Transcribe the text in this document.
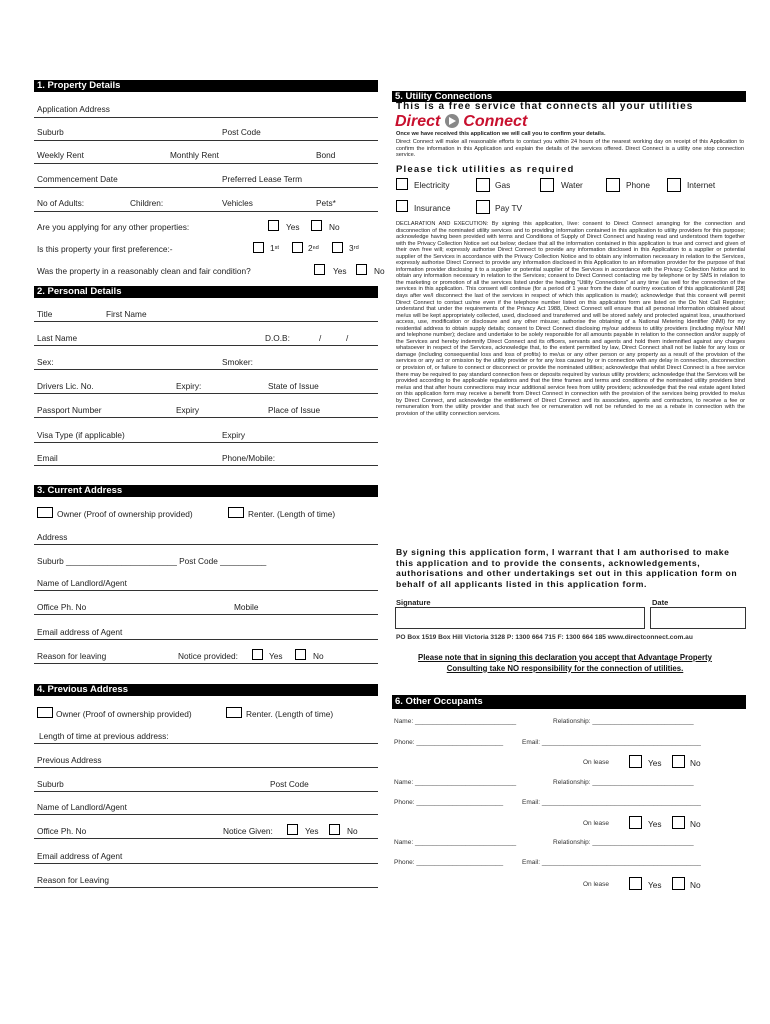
1. Property Details
Application Address
Suburb	Post Code
Weekly Rent	Monthly Rent	Bond
Commencement Date	Preferred Lease Term
No of Adults:	Children:	Vehicles	Pets*
Are you applying for any other properties:	Yes	No
Is this property your first preference:-	1ˢᵗ	2ⁿᵈ	3ʳᵈ
Was the property in a reasonably clean and fair condition?	Yes	No
2. Personal Details
Title	First Name
Last Name	D.O.B:	/	/
Sex:	Smoker:
Drivers Lic. No.	Expiry:	State of Issue
Passport Number	Expiry	Place of Issue
Visa Type (if applicable)	Expiry
Email	Phone/Mobile:
3. Current Address
Owner (Proof of ownership provided)	Renter. (Length of time)
Address
Suburb ________________________ Post Code __________
Name of Landlord/Agent
Office Ph. No	Mobile
Email address of Agent
Reason for leaving	Notice provided:	Yes	No
4. Previous Address
Owner (Proof of ownership provided)	Renter. (Length of time)
Length of time at previous address:
Previous Address
Suburb	Post Code
Name of Landlord/Agent
Office Ph. No	Notice Given:	Yes	No
Email address of Agent
Reason for Leaving
5. Utility Connections
This is a free service that connects all your utilities
Direct Connect
Once we have received this application we will call you to confirm your details.
Direct Connect will make all reasonable efforts to contact you within 24 hours of the nearest working day on receipt of this Application to confirm the information in this Application and explain the details of the services offered. Direct Connect is a utility one stop connection service.
Please tick utilities as required
Electricity	Gas	Water	Phone	Internet
Insurance	Pay TV
DECLARATION AND EXECUTION: By signing this application, I/we: consent to Direct Connect arranging for the connection and disconnection of the nominated utility services and to providing information contained in this application to utility providers for this purpose; acknowledge having been provided with terms and Conditions of Supply of Direct Connect and having read and understood them together with the Privacy Collection Notice set out below; declare that all the information contained in this application is true and correct and given of their own free will; expressly authorise Direct Connect to provide any information disclosed in this Application to a supplier or potential supplier of the Services in accordance with the Privacy Collection Notice and to obtain any information necessary in relation to the Services, expressly authorise Direct Connect to provide any information disclosed in this Application to an information provider for the purpose of that information provider disclosing it to a supplier or potential supplier of the Services in accordance with the Privacy Collection Notice and to obtain any information necessary in relation to the Services; consent to Direct Connect contacting me by telephone or by SMS in relation to the marketing or promotion of all the services listed under the heading "Utility Connections" at any time (as well for the connection of the services in this application. This consent will continue (for a period of 1 year from the date of our/my execution of this application/until [28] days after we/I disconnect the last of the services in respect of which this application is made); acknowledge that this consent will permit Direct Connect to contact us/me even if the telephone number listed on this application form are listed on the Do Not Call Register; understand that under the requirements of the Privacy Act 1988, Direct Connect will ensure that all personal information obtained about me/us will be kept appropriately collected, used, disclosed and transferred and will be stored safely and protected against loss, unauthorised access, use, modification or disclosure and any other misuse; authorise the obtaining of a National Metering Identifier (NMI) for my residential address to obtain supply details; consent to Direct Connect disclosing my/our address to utility providers (including my/our NMI and telephone number); declare and undertake to be solely responsible for all amounts payable in relation to the connection and/or supply of the Services and hereby indemnify Direct Connect and its officers, servants and agents and hold them indemnified against any charges whatsoever in respect of the Services, acknowledge that, to the extent permitted by law, Direct Connect shall not be liable for any loss or damage (including consequential loss and loss of profits) to me/us or any other person or any property as a result of the provision of the services or any act or omission by the utility provider or for any loss caused by or in connection with any delay in connection, disconnection or provision of, or failure to connect or disconnect or provide the nominated utilities; acknowledge that whilst Direct Connect is a free service there may be required to pay standard connection fees or deposits required by various utility providers; acknowledge that the Services will be provided according to the applicable regulations and that the time frames and terms and conditions of the nominated utility providers bind me/us and that after hours connections may incur additional service fees from utility providers; acknowledge that the real estate agent listed on this application form may receive a benefit from Direct Connect in connection with the provision of the services being provided to me/us by Direct Connect, and acknowledge the entitlement of Direct Connect and its associates, agents and contractors, to receive a fee or remuneration from the utility provider and that such fee or remuneration will not be refunded to me as a rebate in connection with the provision of the utility connection services.
By signing this application form, I warrant that I am authorised to make this application and to provide the consents, acknowledgements, authorisations and other undertakings set out in this application form on behalf of all applicants listed in this application form.
Signature	Date
PO Box 1519 Box Hill Victoria 3128 P: 1300 664 715 F: 1300 664 185 www.directconnect.com.au
Please note that in signing this declaration you accept that Advantage Property Consulting take NO responsibility for the connection of utilities.
6. Other Occupants
Name: ____________________________	Relationship: ____________________________
Phone: ________________________	Email: ____________________________________________
On lease	Yes	No
Name: ____________________________	Relationship: ____________________________
Phone: ________________________	Email: ____________________________________________
On lease	Yes	No
Name: ____________________________	Relationship: ____________________________
Phone: ________________________	Email: ____________________________________________
On lease	Yes	No
